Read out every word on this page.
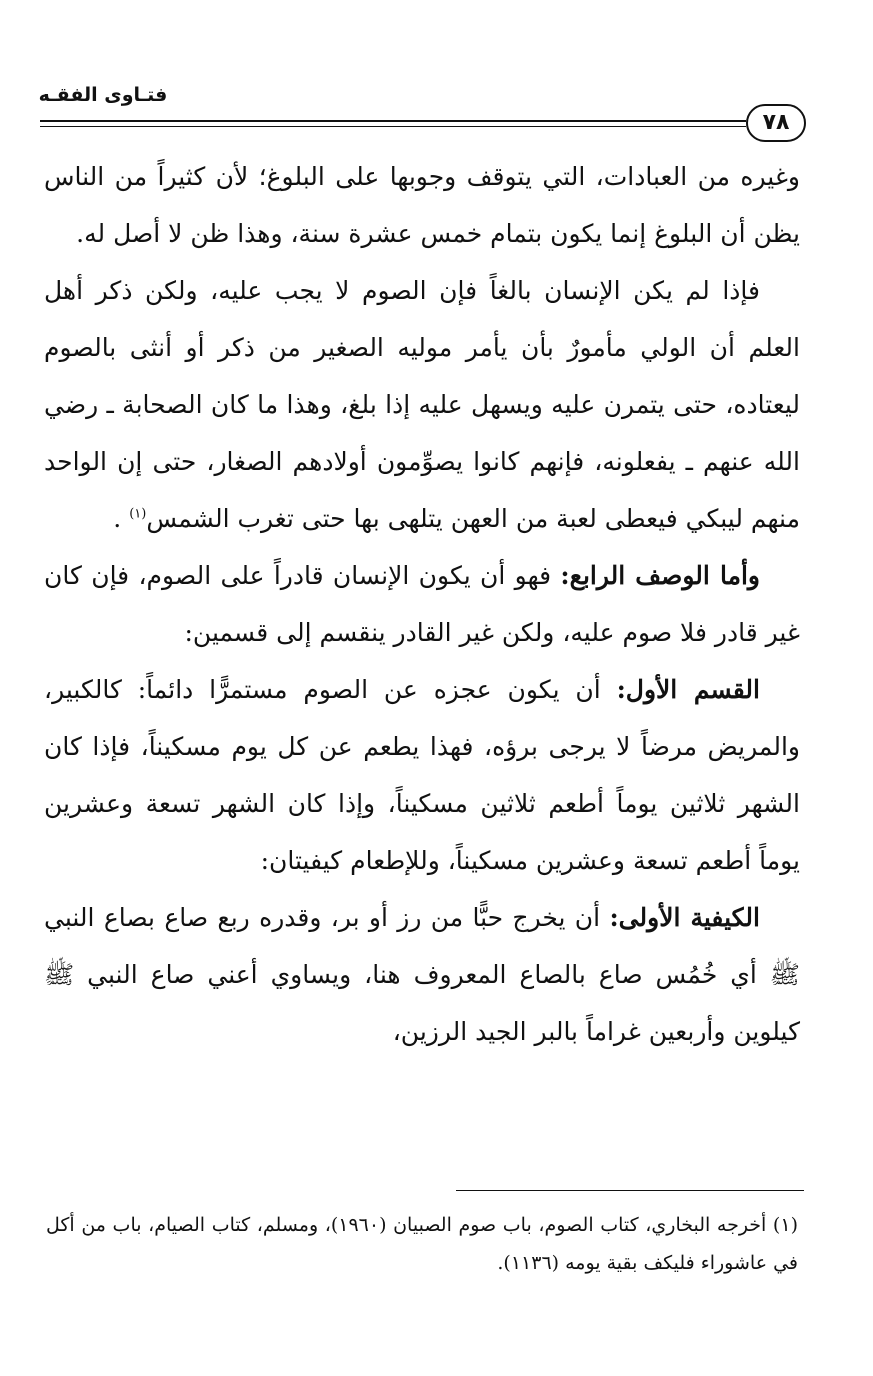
فتـاوى الفقـه
٧٨

وغيره من العبادات، التي يتوقف وجوبها على البلوغ؛ لأن كثيراً من الناس يظن أن البلوغ إنما يكون بتمام خمس عشرة سنة، وهذا ظن لا أصل له.

فإذا لم يكن الإنسان بالغاً فإن الصوم لا يجب عليه، ولكن ذكر أهل العلم أن الولي مأمورٌ بأن يأمر موليه الصغير من ذكر أو أنثى بالصوم ليعتاده، حتى يتمرن عليه ويسهل عليه إذا بلغ، وهذا ما كان الصحابة ـ رضي الله عنهم ـ يفعلونه، فإنهم كانوا يصوِّمون أولادهم الصغار، حتى إن الواحد منهم ليبكي فيعطى لعبة من العهن يتلهى بها حتى تغرب الشمس$^{(١)}$ .

وأما الوصف الرابع: فهو أن يكون الإنسان قادراً على الصوم، فإن كان غير قادر فلا صوم عليه، ولكن غير القادر ينقسم إلى قسمين:

القسم الأول: أن يكون عجزه عن الصوم مستمرًّا دائماً: كالكبير، والمريض مرضاً لا يرجى برؤه، فهذا يطعم عن كل يوم مسكيناً، فإذا كان الشهر ثلاثين يوماً أطعم ثلاثين مسكيناً، وإذا كان الشهر تسعة وعشرين يوماً أطعم تسعة وعشرين مسكيناً، وللإطعام كيفيتان:

الكيفية الأولى: أن يخرج حبًّا من رز أو بر، وقدره ربع صاع بصاع النبي ﷺ أي خُمُس صاع بالصاع المعروف هنا، ويساوي أعني صاع النبي ﷺ كيلوين وأربعين غراماً بالبر الجيد الرزين،

(١) أخرجه البخاري، كتاب الصوم، باب صوم الصبيان (١٩٦٠)، ومسلم، كتاب الصيام، باب من أكل في عاشوراء فليكف بقية يومه (١١٣٦).
